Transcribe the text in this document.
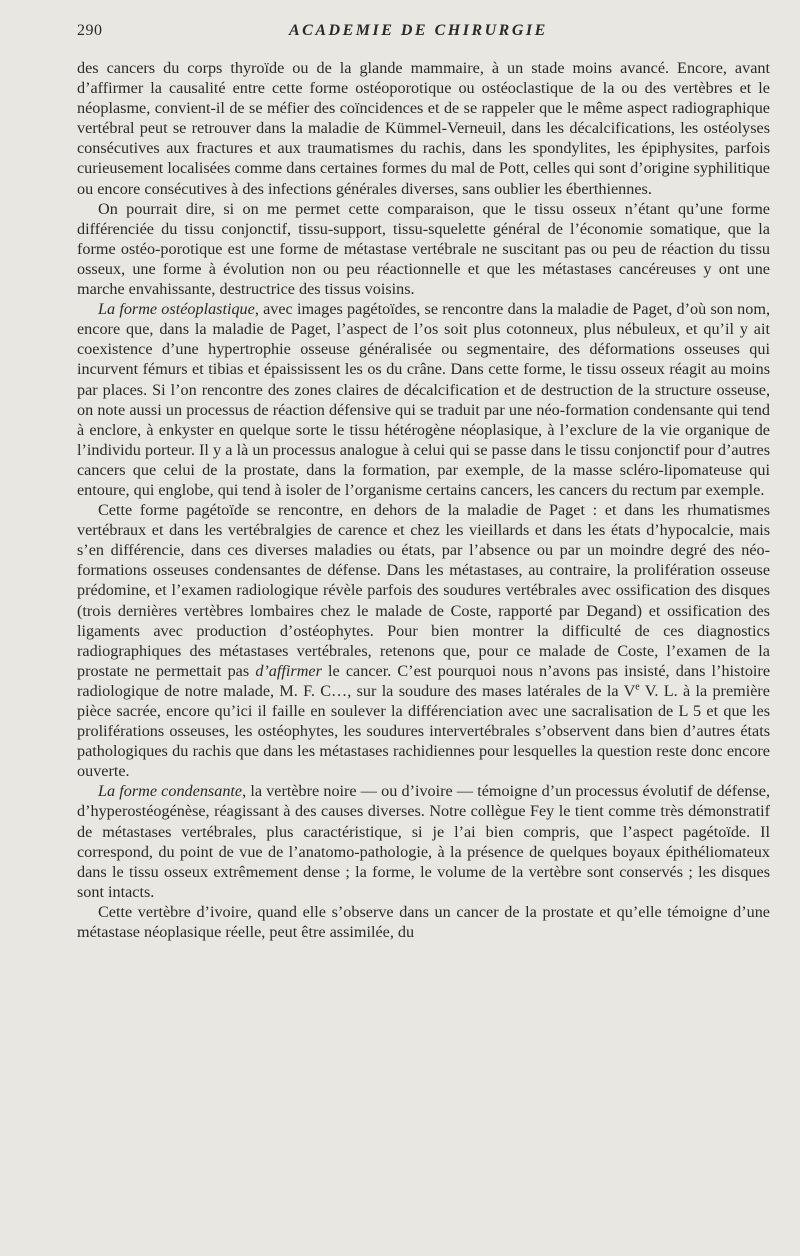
290	ACADEMIE DE CHIRURGIE

des cancers du corps thyroïde ou de la glande mammaire, à un stade moins avancé. Encore, avant d’affirmer la causalité entre cette forme ostéoporotique ou ostéoclastique de la ou des vertèbres et le néoplasme, convient-il de se méfier des coïncidences et de se rappeler que le même aspect radiographique vertébral peut se retrouver dans la maladie de Kümmel-Verneuil, dans les décalcifications, les ostéolyses consécutives aux fractures et aux traumatismes du rachis, dans les spondylites, les épiphysites, parfois curieusement localisées comme dans certaines formes du mal de Pott, celles qui sont d’origine syphilitique ou encore consécutives à des infections générales diverses, sans oublier les éberthiennes.

On pourrait dire, si on me permet cette comparaison, que le tissu osseux n’étant qu’une forme différenciée du tissu conjonctif, tissu-support, tissu-squelette général de l’économie somatique, que la forme ostéo-porotique est une forme de métastase vertébrale ne suscitant pas ou peu de réaction du tissu osseux, une forme à évolution non ou peu réactionnelle et que les métastases cancéreuses y ont une marche envahissante, destructrice des tissus voisins.

La forme ostéoplastique, avec images pagétoïdes, se rencontre dans la maladie de Paget, d’où son nom, encore que, dans la maladie de Paget, l’aspect de l’os soit plus cotonneux, plus nébuleux, et qu’il y ait coexistence d’une hypertrophie osseuse généralisée ou segmentaire, des déformations osseuses qui incurvent fémurs et tibias et épaississent les os du crâne. Dans cette forme, le tissu osseux réagit au moins par places. Si l’on rencontre des zones claires de décalcification et de destruction de la structure osseuse, on note aussi un processus de réaction défensive qui se traduit par une néo-formation condensante qui tend à enclore, à enkyster en quelque sorte le tissu hétérogène néoplasique, à l’exclure de la vie organique de l’individu porteur. Il y a là un processus analogue à celui qui se passe dans le tissu conjonctif pour d’autres cancers que celui de la prostate, dans la formation, par exemple, de la masse scléro-lipomateuse qui entoure, qui englobe, qui tend à isoler de l’organisme certains cancers, les cancers du rectum par exemple.

Cette forme pagétoïde se rencontre, en dehors de la maladie de Paget : et dans les rhumatismes vertébraux et dans les vertébralgies de carence et chez les vieillards et dans les états d’hypocalcie, mais s’en différencie, dans ces diverses maladies ou états, par l’absence ou par un moindre degré des néo-formations osseuses condensantes de défense. Dans les métastases, au contraire, la prolifération osseuse prédomine, et l’examen radiologique révèle parfois des soudures vertébrales avec ossification des disques (trois dernières vertèbres lombaires chez le malade de Coste, rapporté par Degand) et ossification des ligaments avec production d’ostéophytes. Pour bien montrer la difficulté de ces diagnostics radiographiques des métastases vertébrales, retenons que, pour ce malade de Coste, l’examen de la prostate ne permettait pas d’affirmer le cancer. C’est pourquoi nous n’avons pas insisté, dans l’histoire radiologique de notre malade, M. F. C…, sur la soudure des mases latérales de la Ve V. L. à la première pièce sacrée, encore qu’ici il faille en soulever la différenciation avec une sacralisation de L 5 et que les proliférations osseuses, les ostéophytes, les soudures intervertébrales s’observent dans bien d’autres états pathologiques du rachis que dans les métastases rachidiennes pour lesquelles la question reste donc encore ouverte.

La forme condensante, la vertèbre noire — ou d’ivoire — témoigne d’un processus évolutif de défense, d’hyperostéogénèse, réagissant à des causes diverses. Notre collègue Fey le tient comme très démonstratif de métastases vertébrales, plus caractéristique, si je l’ai bien compris, que l’aspect pagétoïde. Il correspond, du point de vue de l’anatomo-pathologie, à la présence de quelques boyaux épithéliomateux dans le tissu osseux extrêmement dense ; la forme, le volume de la vertèbre sont conservés ; les disques sont intacts.

Cette vertèbre d’ivoire, quand elle s’observe dans un cancer de la prostate et qu’elle témoigne d’une métastase néoplasique réelle, peut être assimilée, du
